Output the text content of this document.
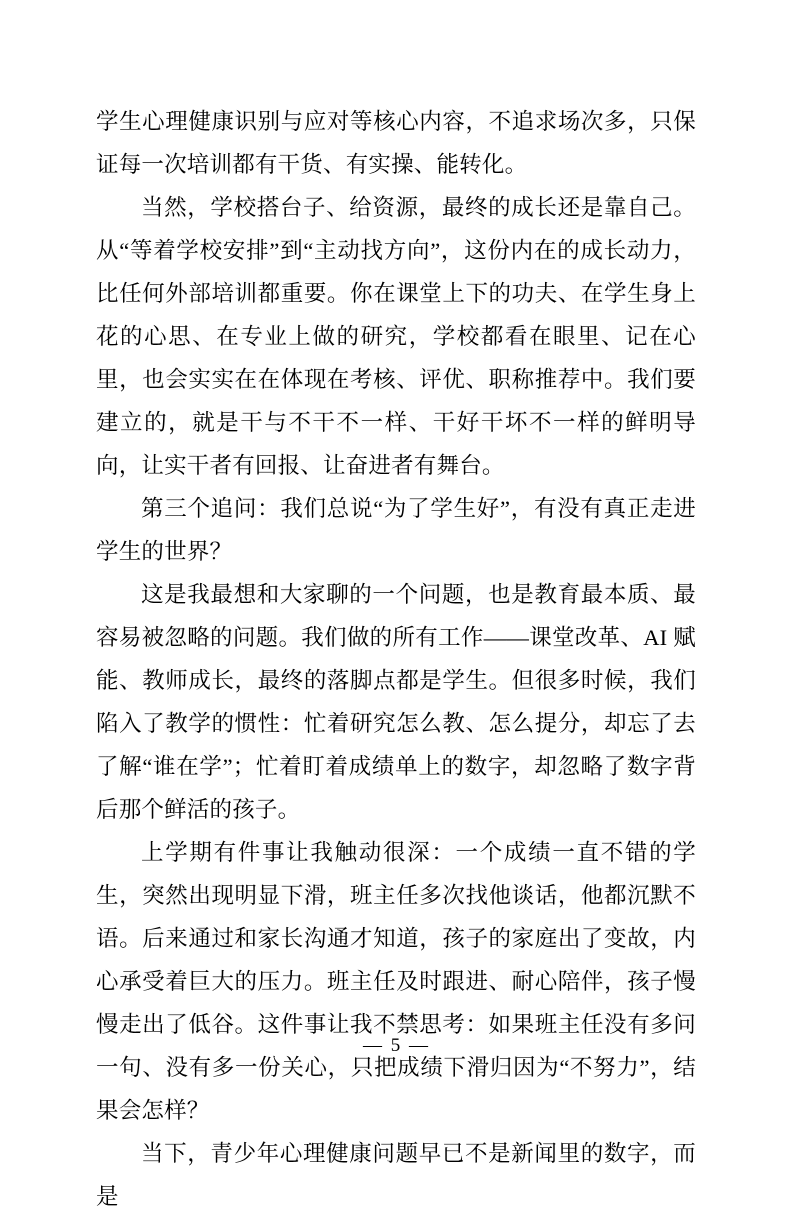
学生心理健康识别与应对等核心内容，不追求场次多，只保证每一次培训都有干货、有实操、能转化。

当然，学校搭台子、给资源，最终的成长还是靠自己。从“等着学校安排”到“主动找方向”，这份内在的成长动力，比任何外部培训都重要。你在课堂上下的功夫、在学生身上花的心思、在专业上做的研究，学校都看在眼里、记在心里，也会实实在在体现在考核、评优、职称推荐中。我们要建立的，就是干与不干不一样、干好干坏不一样的鲜明导向，让实干者有回报、让奋进者有舞台。

第三个追问：我们总说“为了学生好”，有没有真正走进学生的世界？

这是我最想和大家聊的一个问题，也是教育最本质、最容易被忽略的问题。我们做的所有工作——课堂改革、AI 赋能、教师成长，最终的落脚点都是学生。但很多时候，我们陷入了教学的惯性：忙着研究怎么教、怎么提分，却忘了去了解“谁在学”；忙着盯着成绩单上的数字，却忽略了数字背后那个鲜活的孩子。

上学期有件事让我触动很深：一个成绩一直不错的学生，突然出现明显下滑，班主任多次找他谈话，他都沉默不语。后来通过和家长沟通才知道，孩子的家庭出了变故，内心承受着巨大的压力。班主任及时跟进、耐心陪伴，孩子慢慢走出了低谷。这件事让我不禁思考：如果班主任没有多问一句、没有多一份关心，只把成绩下滑归因为“不努力”，结果会怎样？

当下，青少年心理健康问题早已不是新闻里的数字，而是

— 5 —
